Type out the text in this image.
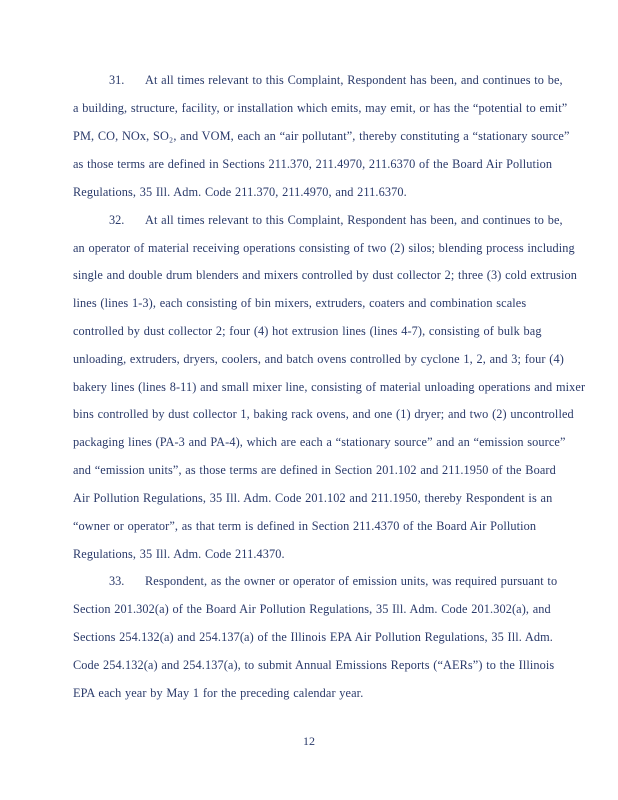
31. At all times relevant to this Complaint, Respondent has been, and continues to be,
a building, structure, facility, or installation which emits, may emit, or has the “potential to emit”
PM, CO, NOx, SO₂, and VOM, each an “air pollutant”, thereby constituting a “stationary source”
as those terms are defined in Sections 211.370, 211.4970, 211.6370 of the Board Air Pollution
Regulations, 35 Ill. Adm. Code 211.370, 211.4970, and 211.6370.
32. At all times relevant to this Complaint, Respondent has been, and continues to be,
an operator of material receiving operations consisting of two (2) silos; blending process including
single and double drum blenders and mixers controlled by dust collector 2; three (3) cold extrusion
lines (lines 1-3), each consisting of bin mixers, extruders, coaters and combination scales
controlled by dust collector 2; four (4) hot extrusion lines (lines 4-7), consisting of bulk bag
unloading, extruders, dryers, coolers, and batch ovens controlled by cyclone 1, 2, and 3; four (4)
bakery lines (lines 8-11) and small mixer line, consisting of material unloading operations and mixer
bins controlled by dust collector 1, baking rack ovens, and one (1) dryer; and two (2) uncontrolled
packaging lines (PA-3 and PA-4), which are each a “stationary source” and an “emission source”
and “emission units”, as those terms are defined in Section 201.102 and 211.1950 of the Board
Air Pollution Regulations, 35 Ill. Adm. Code 201.102 and 211.1950, thereby Respondent is an
“owner or operator”, as that term is defined in Section 211.4370 of the Board Air Pollution
Regulations, 35 Ill. Adm. Code 211.4370.
33. Respondent, as the owner or operator of emission units, was required pursuant to
Section 201.302(a) of the Board Air Pollution Regulations, 35 Ill. Adm. Code 201.302(a), and
Sections 254.132(a) and 254.137(a) of the Illinois EPA Air Pollution Regulations, 35 Ill. Adm.
Code 254.132(a) and 254.137(a), to submit Annual Emissions Reports (“AERs”) to the Illinois
EPA each year by May 1 for the preceding calendar year.
12
